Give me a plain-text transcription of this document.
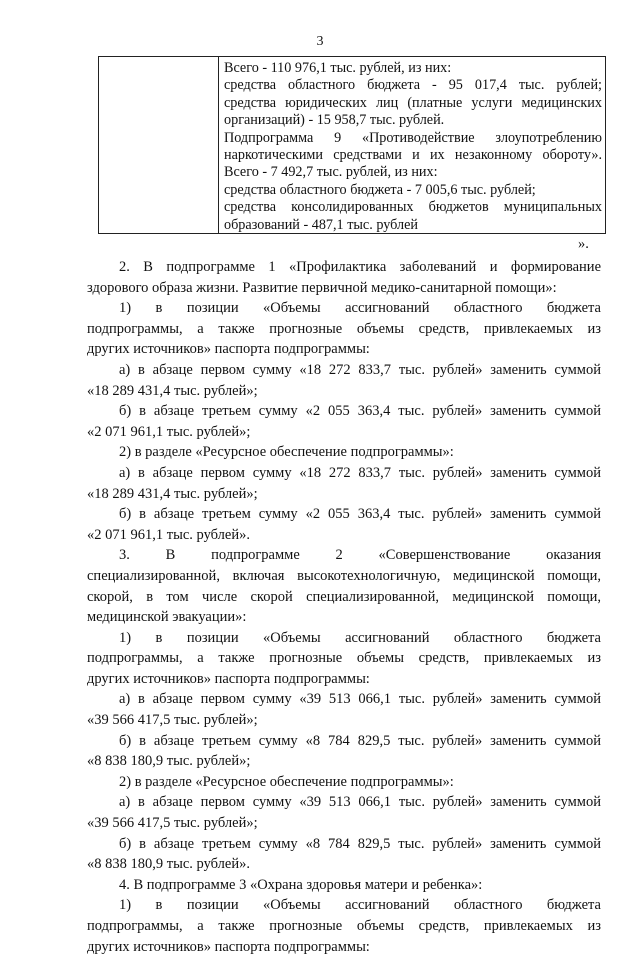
3
Всего - 110 976,1 тыс. рублей, из них:
средства областного бюджета - 95 017,4 тыс. рублей;
средства юридических лиц (платные услуги медицинских
организаций) - 15 958,7 тыс. рублей.
Подпрограмма 9 «Противодействие злоупотреблению
наркотическими средствами и их незаконному обороту».
Всего - 7 492,7 тыс. рублей, из них:
средства областного бюджета - 7 005,6 тыс. рублей;
средства консолидированных бюджетов муниципальных
образований - 487,1 тыс. рублей
».
2. В подпрограмме 1 «Профилактика заболеваний и формирование
здорового образа жизни. Развитие первичной медико-санитарной помощи»:
1) в позиции «Объемы ассигнований областного бюджета
подпрограммы, а также прогнозные объемы средств, привлекаемых из
других источников» паспорта подпрограммы:
а) в абзаце первом сумму «18 272 833,7 тыс. рублей» заменить суммой
«18 289 431,4 тыс. рублей»;
б) в абзаце третьем сумму «2 055 363,4 тыс. рублей» заменить суммой
«2 071 961,1 тыс. рублей»;
2) в разделе «Ресурсное обеспечение подпрограммы»:
а) в абзаце первом сумму «18 272 833,7 тыс. рублей» заменить суммой
«18 289 431,4 тыс. рублей»;
б) в абзаце третьем сумму «2 055 363,4 тыс. рублей» заменить суммой
«2 071 961,1 тыс. рублей».
3. В подпрограмме 2 «Совершенствование оказания
специализированной, включая высокотехнологичную, медицинской помощи,
скорой, в том числе скорой специализированной, медицинской помощи,
медицинской эвакуации»:
1) в позиции «Объемы ассигнований областного бюджета
подпрограммы, а также прогнозные объемы средств, привлекаемых из
других источников» паспорта подпрограммы:
а) в абзаце первом сумму «39 513 066,1 тыс. рублей» заменить суммой
«39 566 417,5 тыс. рублей»;
б) в абзаце третьем сумму «8 784 829,5 тыс. рублей» заменить суммой
«8 838 180,9 тыс. рублей»;
2) в разделе «Ресурсное обеспечение подпрограммы»:
а) в абзаце первом сумму «39 513 066,1 тыс. рублей» заменить суммой
«39 566 417,5 тыс. рублей»;
б) в абзаце третьем сумму «8 784 829,5 тыс. рублей» заменить суммой
«8 838 180,9 тыс. рублей».
4. В подпрограмме 3 «Охрана здоровья матери и ребенка»:
1) в позиции «Объемы ассигнований областного бюджета
подпрограммы, а также прогнозные объемы средств, привлекаемых из
других источников» паспорта подпрограммы:
